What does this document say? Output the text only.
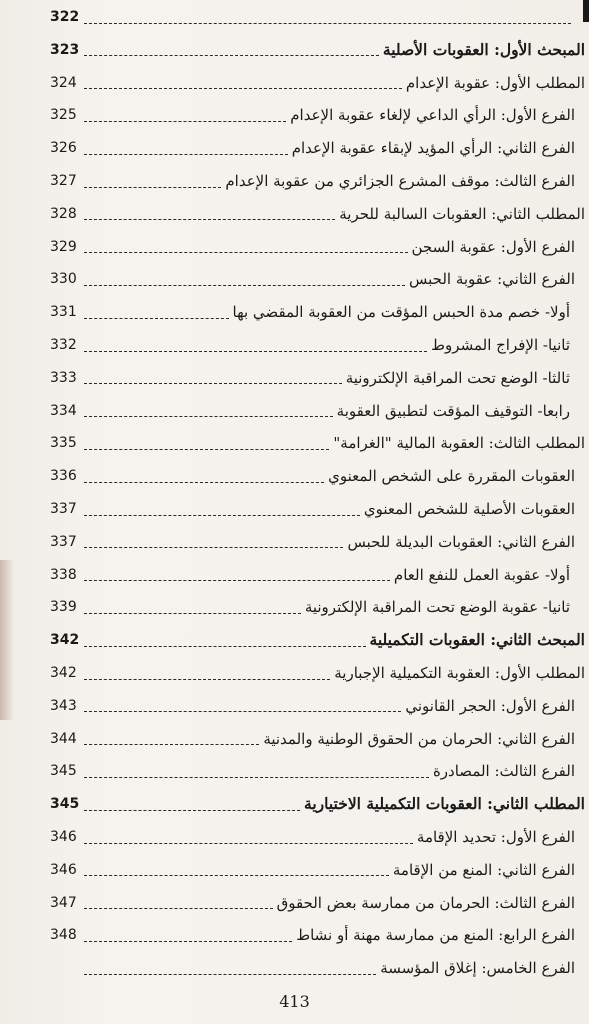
322
المبحث الأول: العقوبات الأصلية
323
المطلب الأول: عقوبة الإعدام
324
الفرع الأول: الرأي الداعي لإلغاء عقوبة الإعدام
325
الفرع الثاني: الرأي المؤيد لإبقاء عقوبة الإعدام
326
الفرع الثالث: موقف المشرع الجزائري من عقوبة الإعدام
327
المطلب الثاني: العقوبات السالبة للحرية
328
الفرع الأول: عقوبة السجن
329
الفرع الثاني: عقوبة الحبس
330
أولا- خصم مدة الحبس المؤقت من العقوبة المقضي بها
331
ثانيا- الإفراج المشروط
332
ثالثا- الوضع تحت المراقبة الإلكترونية
333
رابعا- التوقيف المؤقت لتطبيق العقوبة
334
المطلب الثالث: العقوبة المالية "الغرامة"
335
العقوبات المقررة على الشخص المعنوي
336
العقوبات الأصلية للشخص المعنوي
337
الفرع الثاني: العقوبات البديلة للحبس
337
أولا- عقوبة العمل للنفع العام
338
ثانيا- عقوبة الوضع تحت المراقبة الإلكترونية
339
المبحث الثاني: العقوبات التكميلية
342
المطلب الأول: العقوبة التكميلية الإجبارية
342
الفرع الأول: الحجر القانوني
343
الفرع الثاني: الحرمان من الحقوق الوطنية والمدنية
344
الفرع الثالث: المصادرة
345
المطلب الثاني: العقوبات التكميلية الاختيارية
345
الفرع الأول: تحديد الإقامة
346
الفرع الثاني: المنع من الإقامة
346
الفرع الثالث: الحرمان من ممارسة بعض الحقوق
347
الفرع الرابع: المنع من ممارسة مهنة أو نشاط
348
الفرع الخامس: إغلاق المؤسسة
413
